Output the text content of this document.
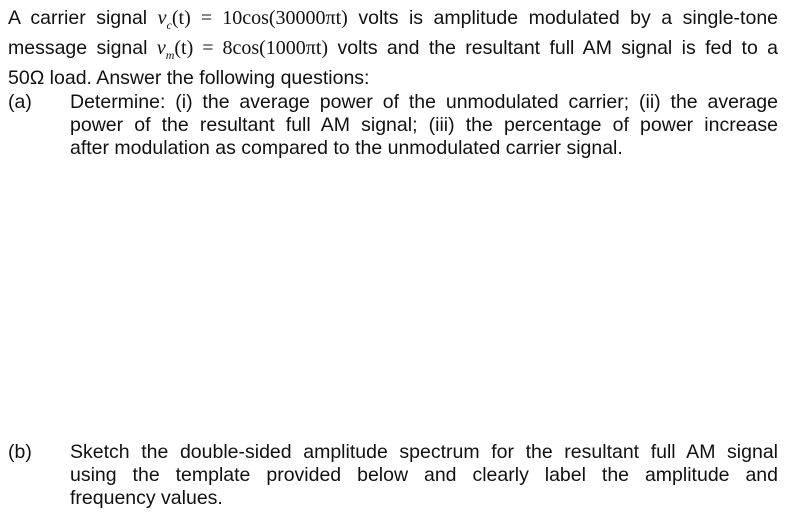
A carrier signal $v_c(t) = 10\cos(30000\pi t)$ volts is amplitude modulated by a single-tone
message signal $v_m(t) = 8\cos(1000\pi t)$ volts and the resultant full AM signal is fed to a
50Ω load. Answer the following questions:
(a) Determine: (i) the average power of the unmodulated carrier; (ii) the average
power of the resultant full AM signal; (iii) the percentage of power increase
after modulation as compared to the unmodulated carrier signal.
(b) Sketch the double-sided amplitude spectrum for the resultant full AM signal
using the template provided below and clearly label the amplitude and
frequency values.
